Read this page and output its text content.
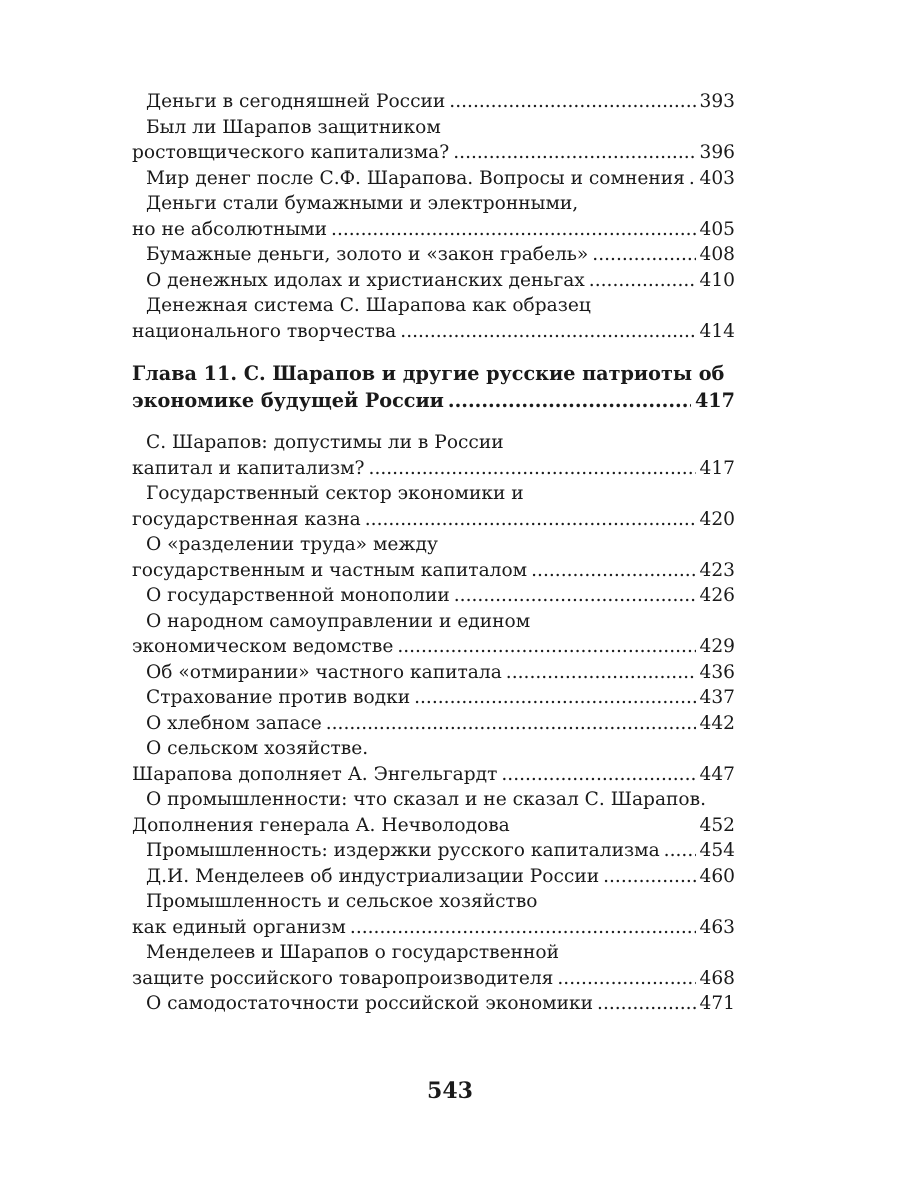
Деньги в сегодняшней России .....	393
Был ли Шарапов защитником
ростовщического капитализма? .....	396
Мир денег после С.Ф. Шарапова. Вопросы и сомнения ..... 403
Деньги стали бумажными и электронными,
но не абсолютными .....	405
Бумажные деньги, золото и «закон грабель» .....	408
О денежных идолах и христианских деньгах .....	410
Денежная система С. Шарапова как образец
национального творчества .....	414
Глава 11. С. Шарапов и другие русские патриоты об
экономике будущей России .....	417
С. Шарапов: допустимы ли в России
капитал и капитализм? .....	417
Государственный сектор экономики и
государственная казна .....	420
О «разделении труда» между
государственным и частным капиталом .....	423
О государственной монополии .....	426
О народном самоуправлении и едином
экономическом ведомстве .....	429
Об «отмирании» частного капитала .....	436
Страхование против водки .....	437
О хлебном запасе .....	442
О сельском хозяйстве.
Шарапова дополняет А. Энгельгардт .....	447
О промышленности: что сказал и не сказал С. Шарапов.
Дополнения генерала А. Нечволодова	452
Промышленность: издержки русского капитализма ..... 454
Д.И. Менделеев об индустриализации России .....	460
Промышленность и сельское хозяйство
как единый организм .....	463
Менделеев и Шарапов о государственной
защите российского товаропроизводителя .....	468
О самодостаточности российской экономики .....	471
543
